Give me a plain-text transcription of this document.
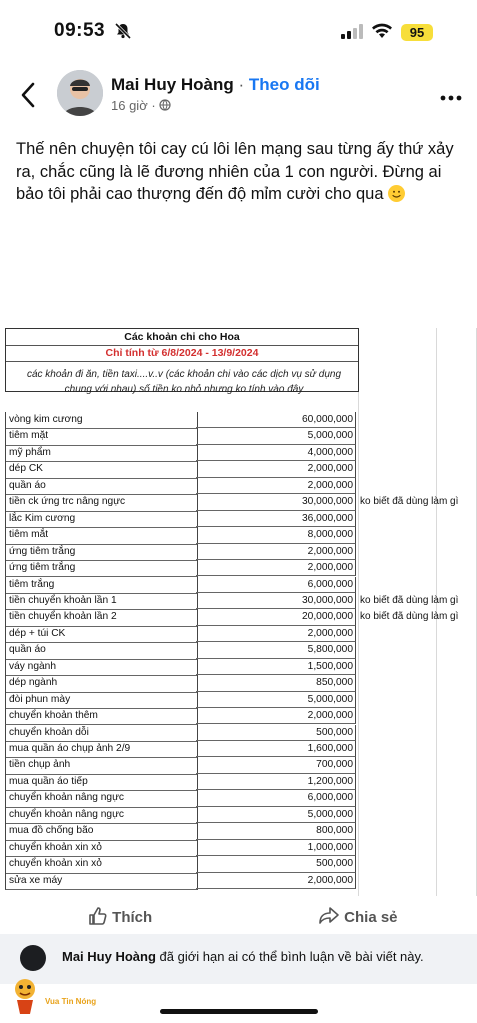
09:53	95
Mai Huy Hoàng · Theo dõi
16 giờ ·
Thế nên chuyện tôi cay cú lôi lên mạng sau từng ấy thứ xảy ra, chắc cũng là lẽ đương nhiên của 1 con người. Đừng ai bảo tôi phải cao thượng đến độ mỉm cười cho qua
Các khoản chi cho Hoa
Chỉ tính từ 6/8/2024 - 13/9/2024
các khoản đi ăn, tiền taxi....v..v (các khoản chi vào các dịch vụ sử dụng chung với nhau) số tiền ko nhỏ nhưng ko tính vào đây
vòng kim cương	60,000,000
tiêm mặt	5,000,000
mỹ phẩm	4,000,000
dép CK	2,000,000
quần áo	2,000,000
tiền ck ứng trc nâng ngực	30,000,000 ko biết đã dùng làm gì
lắc Kim cương	36,000,000
tiêm mắt	8,000,000
ứng tiêm trắng	2,000,000
ứng tiêm trắng	2,000,000
tiêm trắng	6,000,000
tiền chuyển khoản lần 1	30,000,000 ko biết đã dùng làm gì
tiền chuyển khoản lần 2	20,000,000 ko biết đã dùng làm gì
dép + túi CK	2,000,000
quần áo	5,800,000
váy ngành	1,500,000
dép ngành	850,000
đòi phun mày	5,000,000
chuyển khoản thêm	2,000,000
chuyển khoản dỗi	500,000
mua quần áo chụp ảnh 2/9	1,600,000
tiền chụp ảnh	700,000
mua quần áo tiếp	1,200,000
chuyển khoản nâng ngực	6,000,000
chuyển khoản nâng ngực	5,000,000
mua đồ chống bão	800,000
chuyển khoản xin xỏ	1,000,000
chuyển khoản xin xỏ	500,000
sửa xe máy	2,000,000
Thích	Chia sẻ
Mai Huy Hoàng đã giới hạn ai có thể bình luận về bài viết này.
Vua Tin Nóng
